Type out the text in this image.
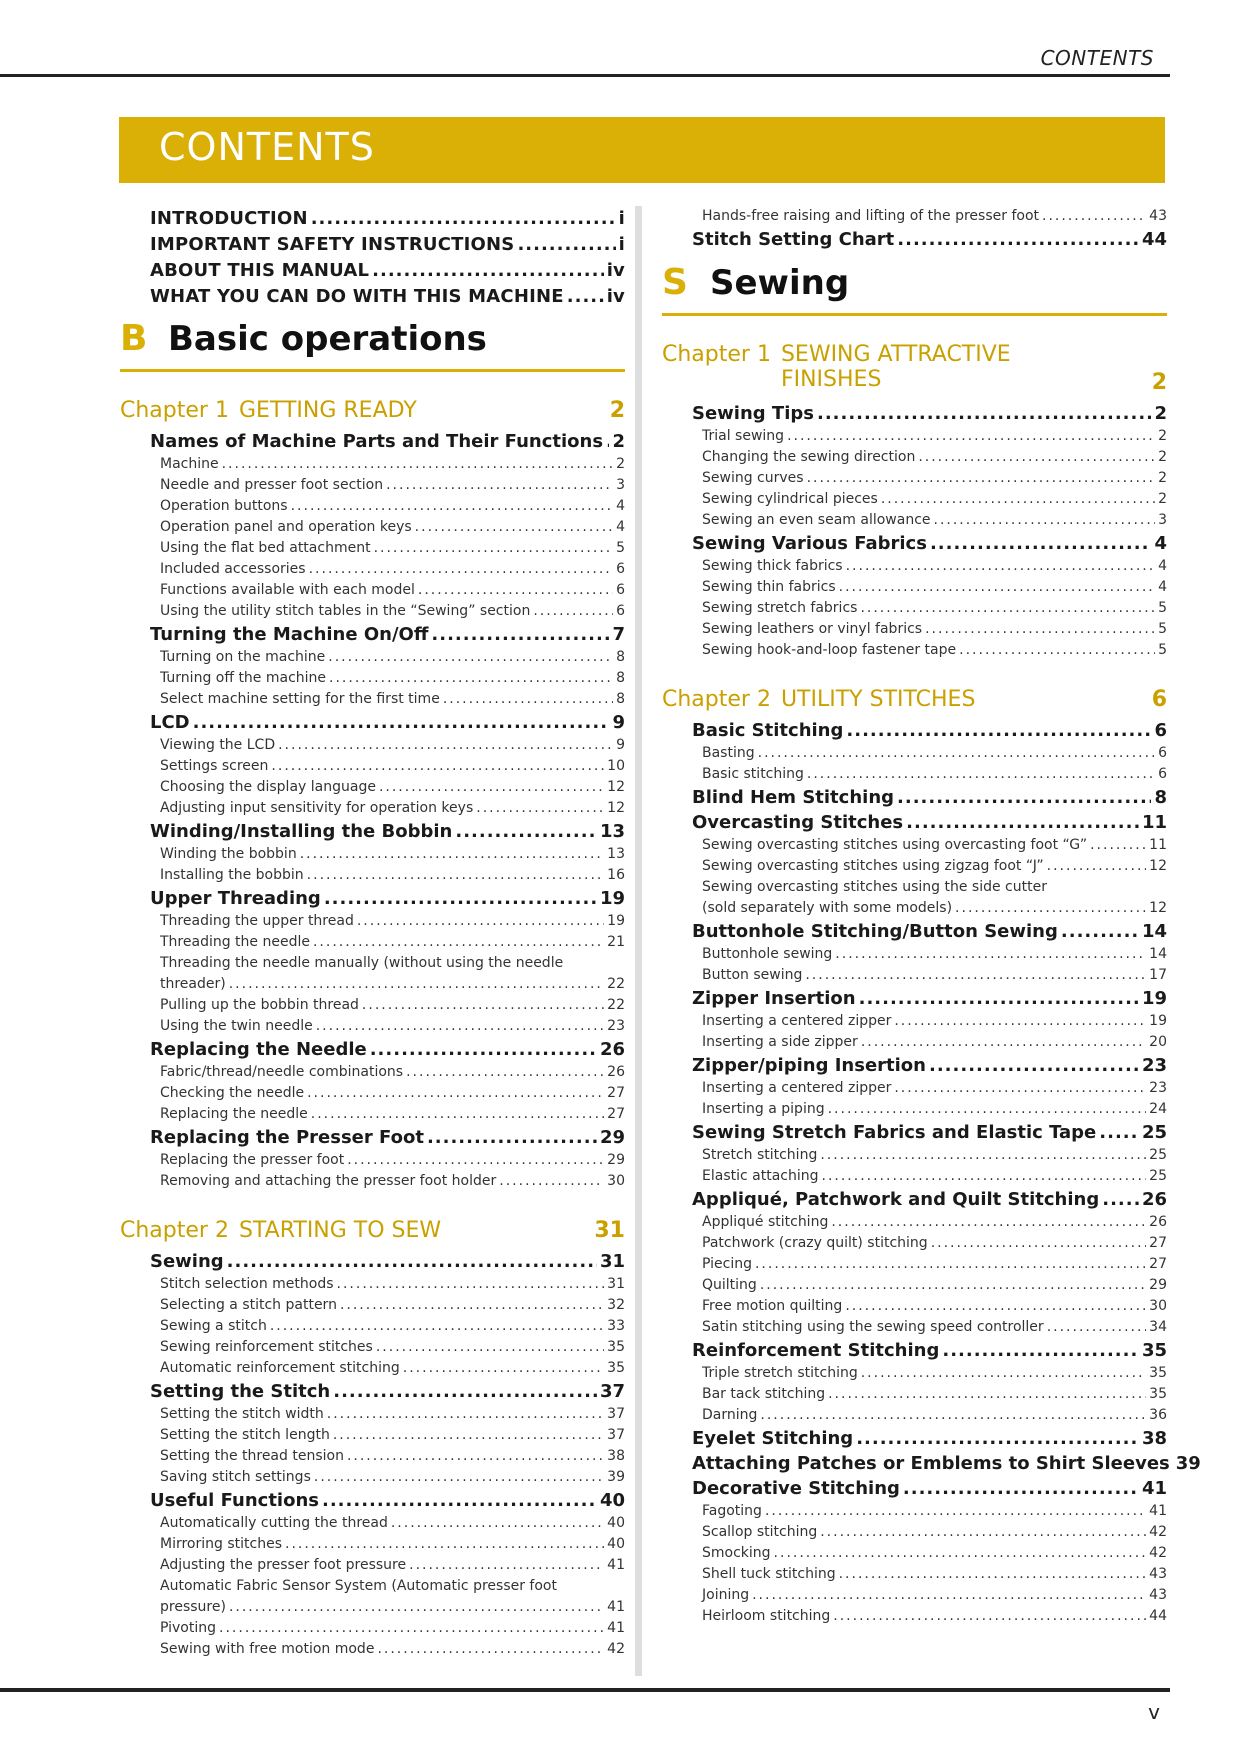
CONTENTS
CONTENTS
INTRODUCTION .....	i
IMPORTANT SAFETY INSTRUCTIONS .....	i
ABOUT THIS MANUAL .....	iv
WHAT YOU CAN DO WITH THIS MACHINE ..... iv
B Basic operations
Chapter 1 GETTING READY	2
Names of Machine Parts and Their Functions ..... 2
Machine .....	2
Needle and presser foot section .....	3
Operation buttons .....	4
Operation panel and operation keys .....	4
Using the flat bed attachment .....	5
Included accessories .....	6
Functions available with each model .....	6
Using the utility stitch tables in the “Sewing” section .....	6
Turning the Machine On/Off .....	7
Turning on the machine .....	8
Turning off the machine .....	8
Select machine setting for the first time .....	8
LCD .....	9
Viewing the LCD .....	9
Settings screen .....	10
Choosing the display language .....	12
Adjusting input sensitivity for operation keys .....	12
Winding/Installing the Bobbin .....	13
Winding the bobbin .....	13
Installing the bobbin .....	16
Upper Threading .....	19
Threading the upper thread .....	19
Threading the needle .....	21
Threading the needle manually (without using the needle
threader) .....	22
Pulling up the bobbin thread .....	22
Using the twin needle .....	23
Replacing the Needle .....	26
Fabric/thread/needle combinations .....	26
Checking the needle .....	27
Replacing the needle .....	27
Replacing the Presser Foot .....	29
Replacing the presser foot .....	29
Removing and attaching the presser foot holder .....	30
Chapter 2 STARTING TO SEW	31
Sewing .....	31
Stitch selection methods .....	31
Selecting a stitch pattern .....	32
Sewing a stitch .....	33
Sewing reinforcement stitches .....	35
Automatic reinforcement stitching .....	35
Setting the Stitch .....	37
Setting the stitch width .....	37
Setting the stitch length .....	37
Setting the thread tension .....	38
Saving stitch settings .....	39
Useful Functions .....	40
Automatically cutting the thread .....	40
Mirroring stitches .....	40
Adjusting the presser foot pressure .....	41
Automatic Fabric Sensor System (Automatic presser foot
pressure) .....	41
Pivoting .....	41
Sewing with free motion mode .....	42
Hands-free raising and lifting of the presser foot .....	43
Stitch Setting Chart .....	44
S Sewing
Chapter 1 SEWING ATTRACTIVE
FINISHES	2
Sewing Tips .....	2
Trial sewing .....	2
Changing the sewing direction .....	2
Sewing curves .....	2
Sewing cylindrical pieces .....	2
Sewing an even seam allowance .....	3
Sewing Various Fabrics .....	4
Sewing thick fabrics .....	4
Sewing thin fabrics .....	4
Sewing stretch fabrics .....	5
Sewing leathers or vinyl fabrics .....	5
Sewing hook-and-loop fastener tape .....	5
Chapter 2 UTILITY STITCHES	6
Basic Stitching .....	6
Basting .....	6
Basic stitching .....	6
Blind Hem Stitching .....	8
Overcasting Stitches .....	11
Sewing overcasting stitches using overcasting foot “G” .....	11
Sewing overcasting stitches using zigzag foot “J” .....	12
Sewing overcasting stitches using the side cutter
(sold separately with some models) .....	12
Buttonhole Stitching/Button Sewing .....	14
Buttonhole sewing .....	14
Button sewing .....	17
Zipper Insertion .....	19
Inserting a centered zipper .....	19
Inserting a side zipper .....	20
Zipper/piping Insertion .....	23
Inserting a centered zipper .....	23
Inserting a piping .....	24
Sewing Stretch Fabrics and Elastic Tape .....	25
Stretch stitching .....	25
Elastic attaching .....	25
Appliqué, Patchwork and Quilt Stitching ..... 26
Appliqué stitching .....	26
Patchwork (crazy quilt) stitching .....	27
Piecing .....	27
Quilting .....	29
Free motion quilting .....	30
Satin stitching using the sewing speed controller .....	34
Reinforcement Stitching .....	35
Triple stretch stitching .....	35
Bar tack stitching .....	35
Darning .....	36
Eyelet Stitching .....	38
Attaching Patches or Emblems to Shirt Sleeves 39
Decorative Stitching .....	41
Fagoting .....	41
Scallop stitching .....	42
Smocking .....	42
Shell tuck stitching .....	43
Joining .....	43
Heirloom stitching .....	44
v
